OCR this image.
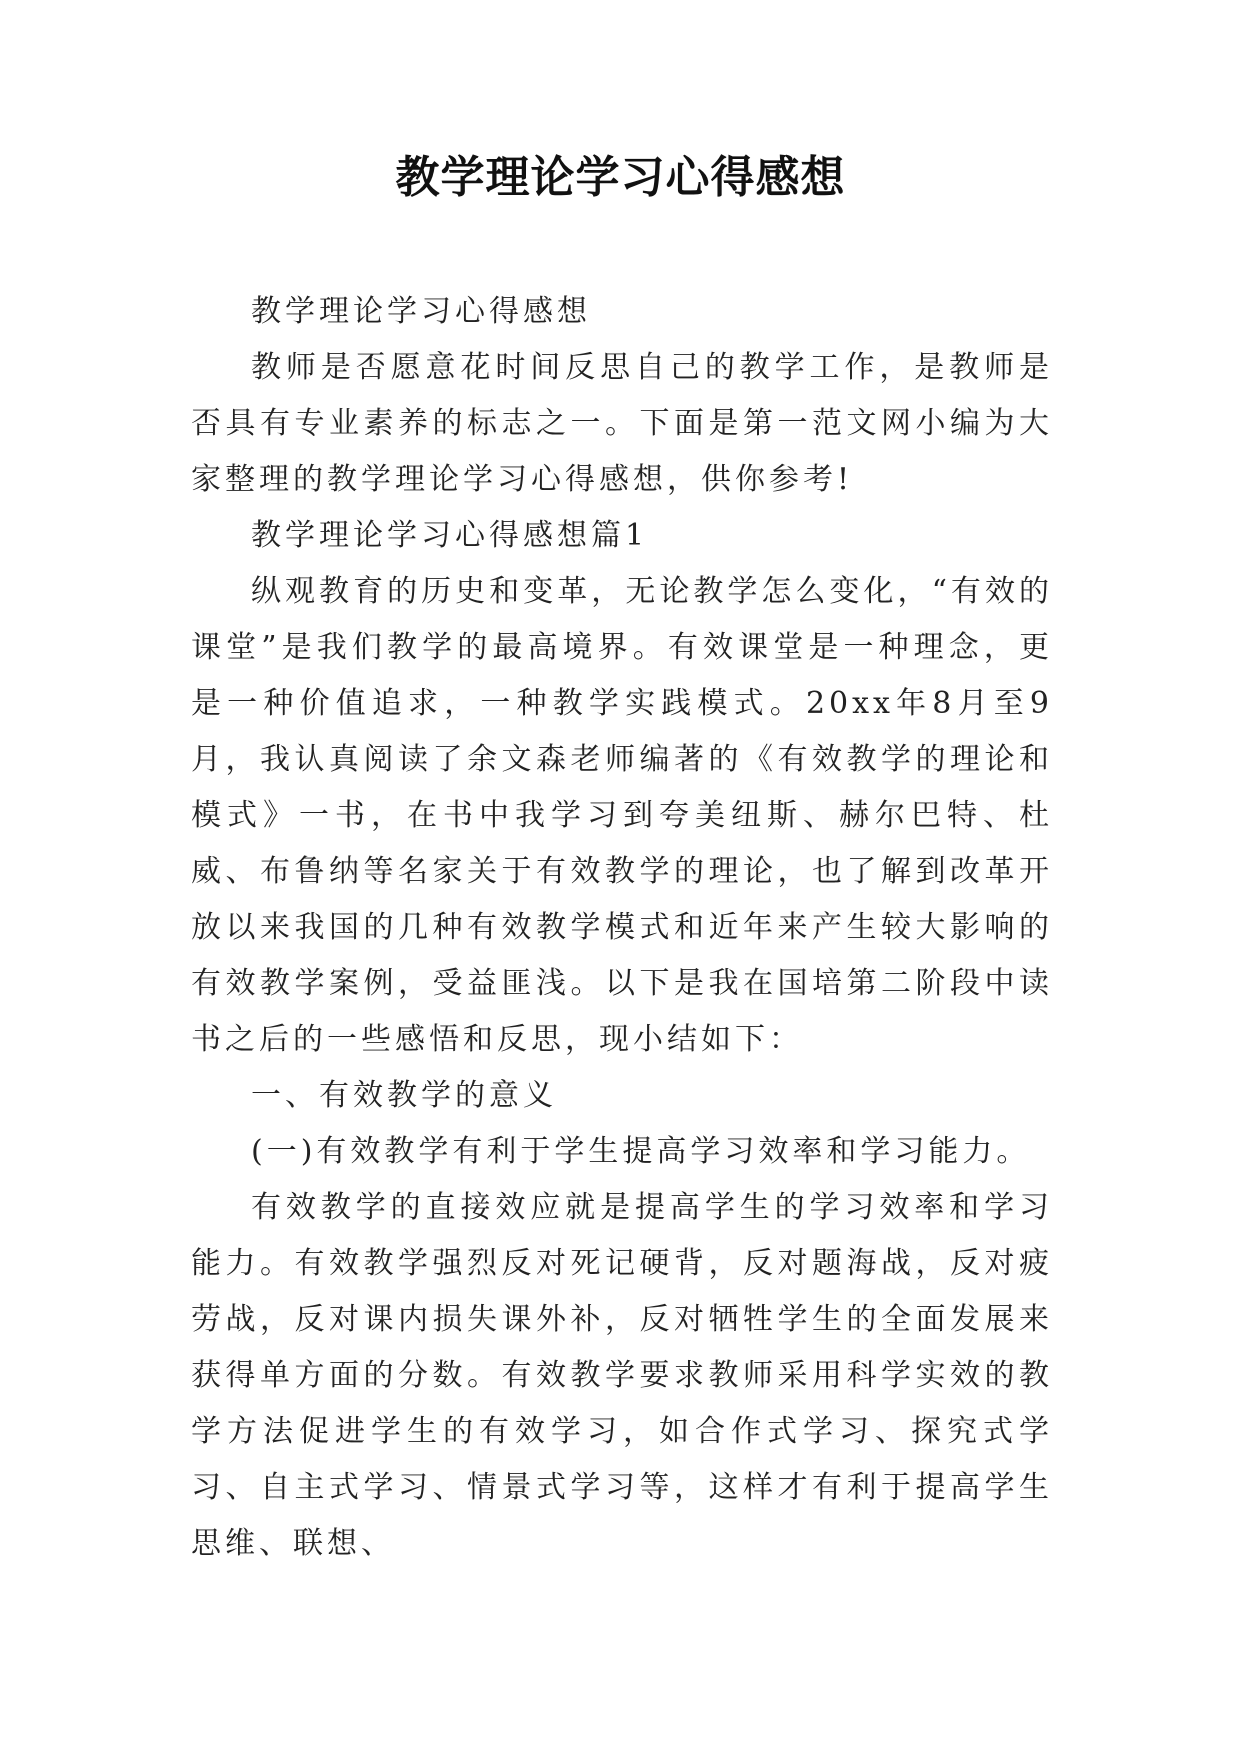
教学理论学习心得感想

教学理论学习心得感想

教师是否愿意花时间反思自己的教学工作，是教师是否具有专业素养的标志之一。下面是第一范文网小编为大家整理的教学理论学习心得感想，供你参考!

教学理论学习心得感想篇1

纵观教育的历史和变革，无论教学怎么变化，“有效的课堂”是我们教学的最高境界。有效课堂是一种理念，更是一种价值追求，一种教学实践模式。20xx年8月至9月，我认真阅读了余文森老师编著的《有效教学的理论和模式》一书，在书中我学习到夸美纽斯、赫尔巴特、杜威、布鲁纳等名家关于有效教学的理论，也了解到改革开放以来我国的几种有效教学模式和近年来产生较大影响的有效教学案例，受益匪浅。以下是我在国培第二阶段中读书之后的一些感悟和反思，现小结如下：

一、有效教学的意义

(一)有效教学有利于学生提高学习效率和学习能力。

有效教学的直接效应就是提高学生的学习效率和学习能力。有效教学强烈反对死记硬背，反对题海战，反对疲劳战，反对课内损失课外补，反对牺牲学生的全面发展来获得单方面的分数。有效教学要求教师采用科学实效的教学方法促进学生的有效学习，如合作式学习、探究式学习、自主式学习、情景式学习等，这样才有利于提高学生思维、联想、
